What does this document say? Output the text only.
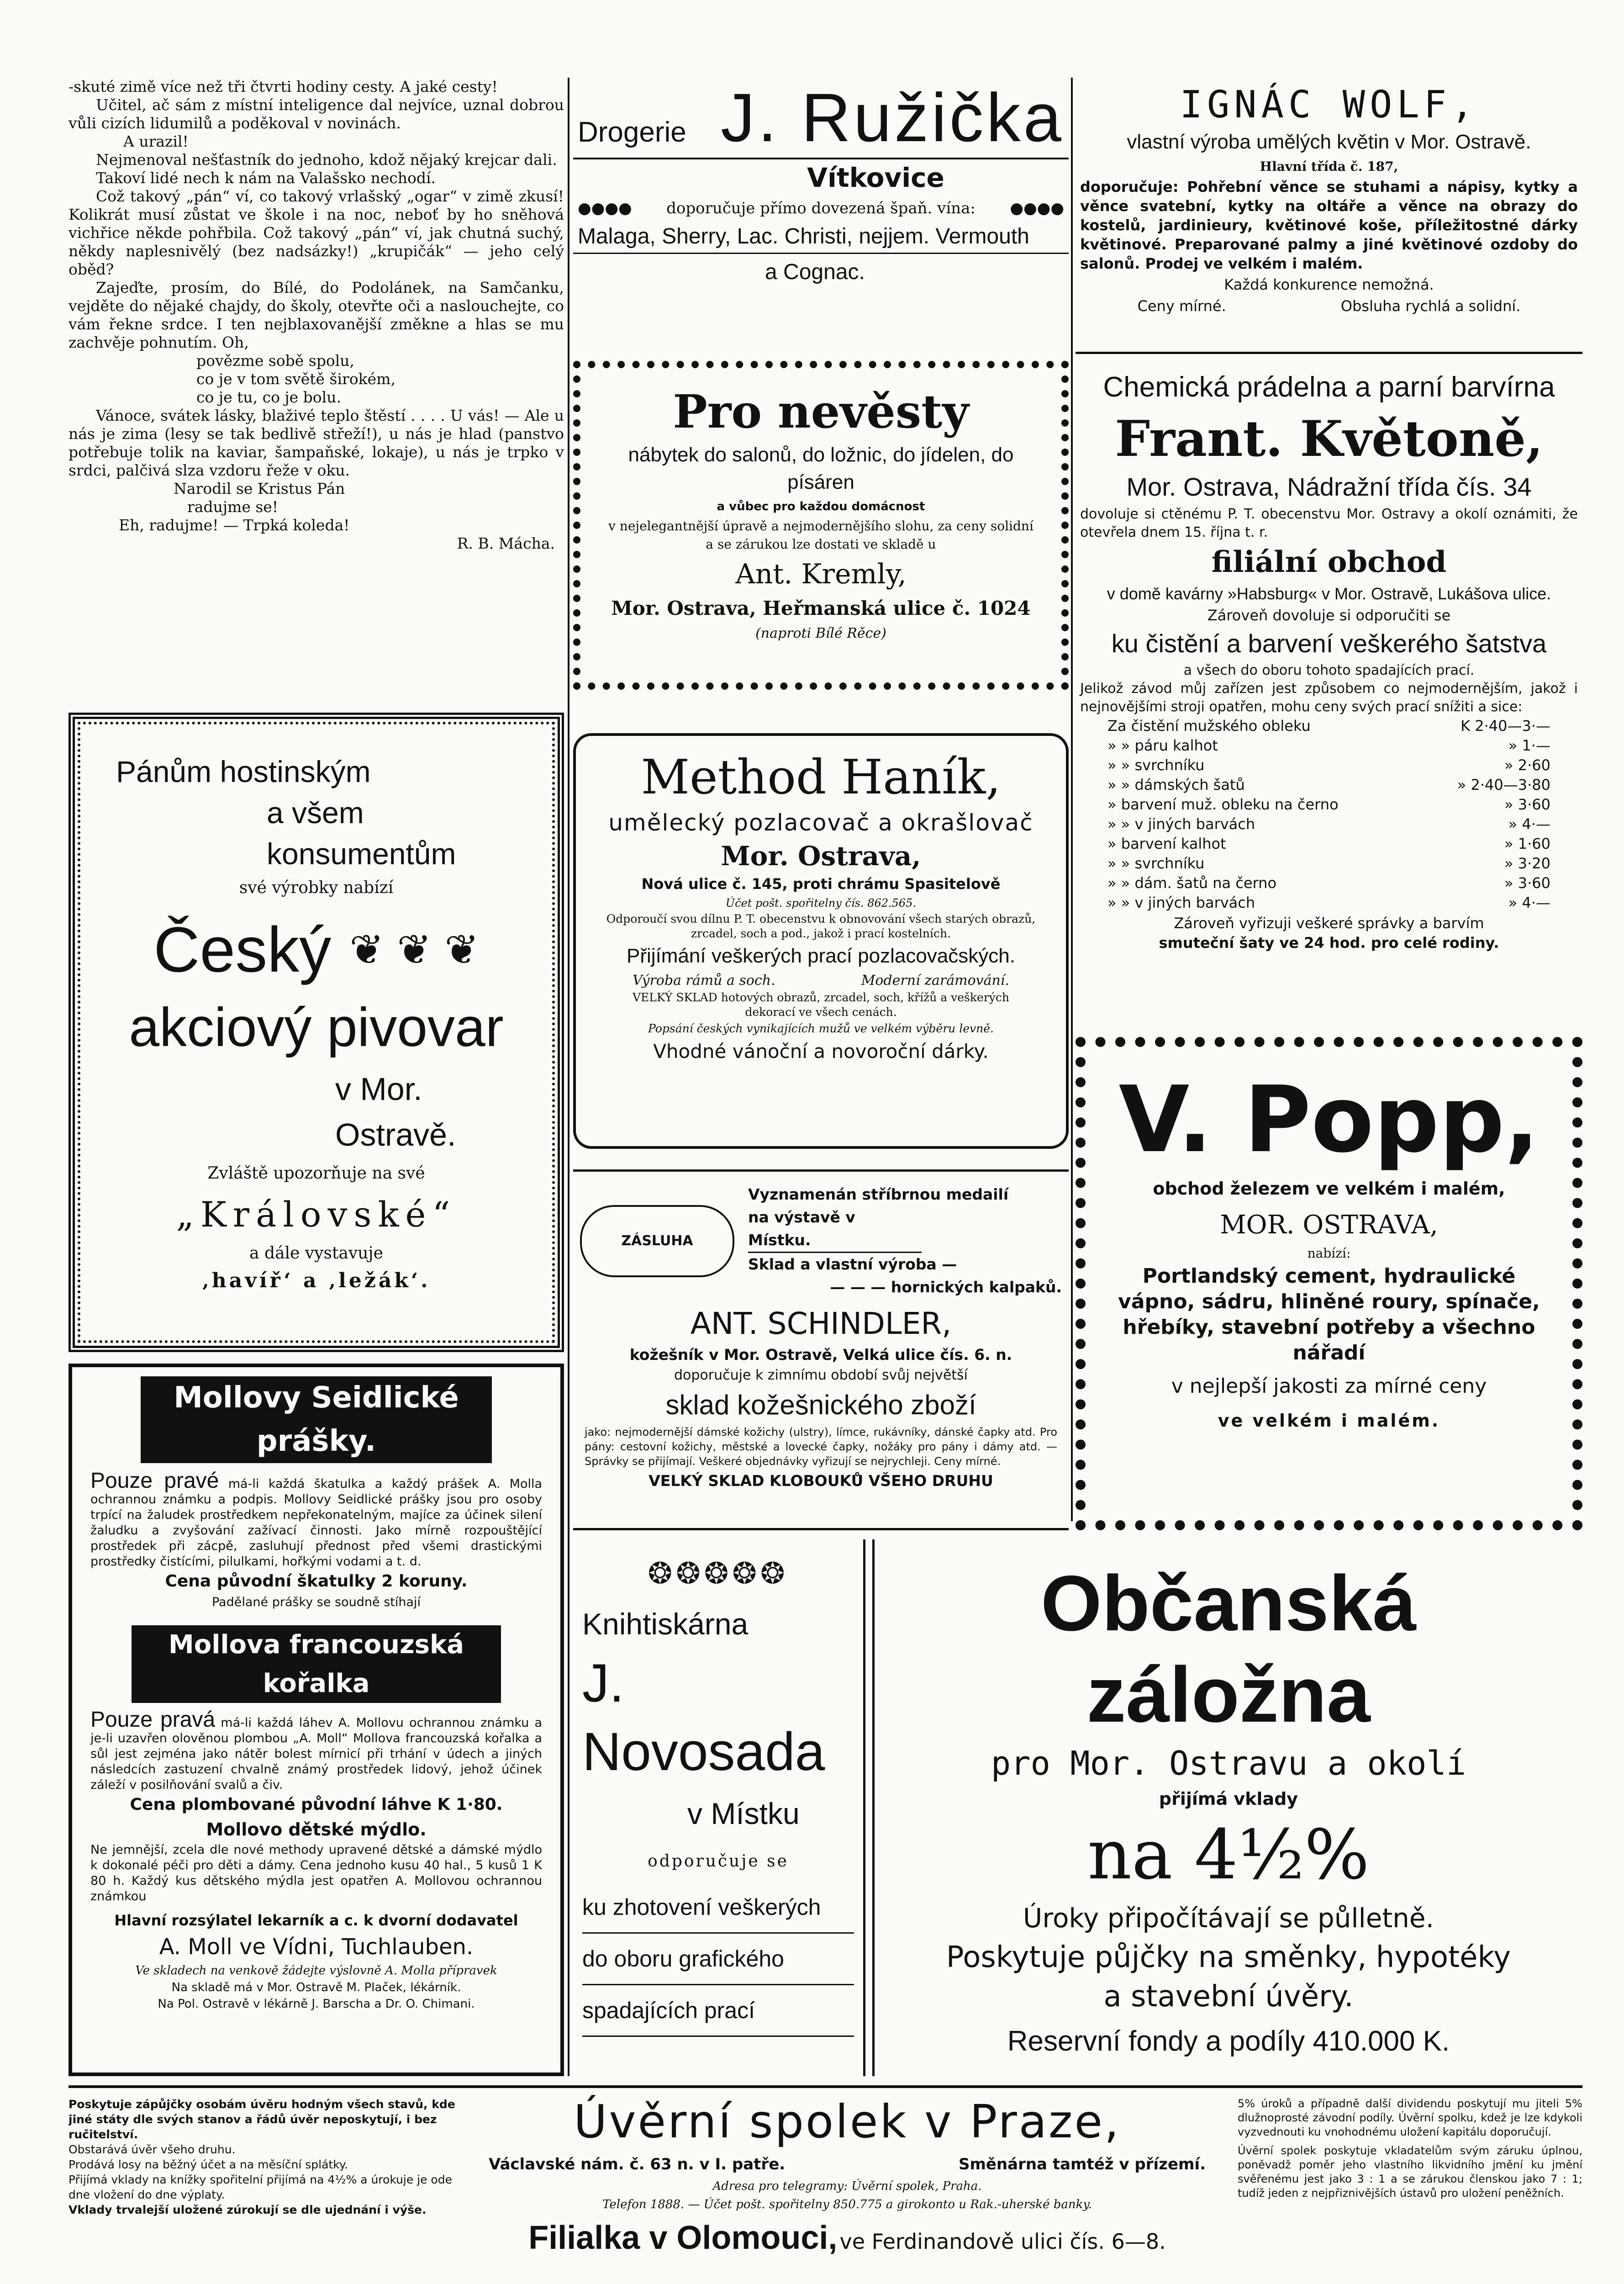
-skuté zimě více než tři čtvrti hodiny cesty. A jaké cesty!

Učitel, ač sám z místní inteligence dal nejvíce, uznal dobrou vůli cizích lidumilů a poděkoval v novinách.

A urazil!

Nejmenoval nešťastník do jednoho, kdož nějaký krejcar dali.

Takoví lidé nech k nám na Valašsko nechodí.

Což takový „pán“ ví, co takový vrlašský „ogar“ v zimě zkusí! Kolikrát musí zůstat ve škole i na noc, neboť by ho sněhová vichřice někde pohřbila. Což takový „pán“ ví, jak chutná suchý, někdy naplesnivělý (bez nadsázky!) „krupičák“ — jeho celý oběd?

Zajeďte, prosím, do Bílé, do Podolánek, na Samčanku, vejděte do nějaké chajdy, do školy, otevřte oči a naslouchejte, co vám řekne srdce. I ten nejblaxovanější změkne a hlas se mu zachvěje pohnutím. Oh,

povězme sobě spolu,

co je v tom světě širokém,

co je tu, co je bolu.

Vánoce, svátek lásky, blaživé teplo štěstí . . . . U vás! — Ale u nás je zima (lesy se tak bedlivě střeží!), u nás je hlad (panstvo potřebuje tolik na kaviar, šampaňské, lokaje), u nás je trpko v srdci, palčivá slza vzdoru řeže v oku.

Narodil se Kristus Pán

radujme se!

Eh, radujme! — Trpká koleda!

R. B. Mácha.

Pánům hostinským
a všem konsumentům
své výrobky nabízí
Český ❦ ❦ ❦
akciový pivovar
v Mor. Ostravě.
Zvláště upozorňuje na své
„Královské“
a dále vystavuje
‚havíř‘ a ‚ležák‘.
Mollovy Seidlické prášky.
Pouze pravé má-li každá škatulka a každý prášek A. Molla ochrannou známku a podpis. Mollovy Seidlické prášky jsou pro osoby trpící na žaludek prostředkem nepřekonatelným, majíce za účinek silení žaludku a zvyšování zažívací činnosti. Jako mírně rozpouštějící prostředek při zácpě, zasluhují přednost před všemi drastickými prostředky čistícími, pilulkami, hořkými vodami a t. d.
Cena původní škatulky 2 koruny.
Padělané prášky se soudně stíhají
Mollova francouzská kořalka
Pouze pravá má-li každá láhev A. Mollovu ochrannou známku a je-li uzavřen olověnou plombou „A. Moll“ Mollova francouzská kořalka a sůl jest zejména jako nátěr bolest mírnicí při trhání v údech a jiných následcích zastuzení chvalně známý prostředek lidový, jehož účinek záleží v posilňování svalů a čiv.
Cena plombované původní láhve K 1·80.
Mollovo dětské mýdlo.
Ne jemnější, zcela dle nové methody upravené dětské a dámské mýdlo k dokonalé péči pro děti a dámy. Cena jednoho kusu 40 hal., 5 kusů 1 K 80 h. Každý kus dětského mýdla jest opatřen A. Mollovou ochrannou známkou
Hlavní rozsýlatel lekarník a c. k dvorní dodavatel
A. Moll ve Vídni, Tuchlauben.
Ve skladech na venkově žádejte výslovně A. Molla přípravek
Na skladě má v Mor. Ostravě M. Plaček, lékárník.
Na Pol. Ostravě v lékárně J. Barscha a Dr. O. Chimani.
Drogerie J. Ružička
Vítkovice
●●●● doporučuje přímo dovezená špaň. vína: ●●●●
Malaga, Sherry, Lac. Christi, nejjem. Vermouth
a Cognac.
Pro nevěsty
nábytek do salonů, do ložnic, do jídelen, do písáren
a vůbec pro každou domácnost
v nejelegantnější úpravě a nejmodernějšího slohu, za ceny solidní a se zárukou lze dostati ve skladě u
Ant. Kremly,
Mor. Ostrava, Heřmanská ulice č. 1024
(naproti Bílé Rěce)
Method Haník,
umělecký pozlacovač a okrašlovač
Mor. Ostrava,
Nová ulice č. 145, proti chrámu Spasitelově
Účet pošt. spořitelny čís. 862.565.
Odporoučí svou dílnu P. T. obecenstvu k obnovování všech starých obrazů, zrcadel, soch a pod., jakož i prací kostelních.
Přijímání veškerých prací pozlacovačských.
Výroba rámů a soch.	Moderní zarámování.
VELKÝ SKLAD hotových obrazů, zrcadel, soch, křížů a veškerých dekorací ve všech cenách.
Popsání českých vynikajících mužů ve velkém výběru levně.
Vhodné vánoční a novoroční dárky.
ZÁSLUHA
Vyznamenán stříbrnou medailí
na výstavě v Místku.
Sklad a vlastní výroba —
— — — hornických kalpaků.
ANT. SCHINDLER,
kožešník v Mor. Ostravě, Velká ulice čís. 6. n.
doporučuje k zimnímu období svůj největší
sklad kožešnického zboží
jako: nejmodernější dámské kožichy (ulstry), límce, rukávníky, dánské čapky atd. Pro pány: cestovní kožichy, městské a lovecké čapky, nožáky pro pány i dámy atd. — Správky se přijímají. Veškeré objednávky vyřizují se nejrychleji. Ceny mírné.
VELKÝ SKLAD KLOBOUKŮ VŠEHO DRUHU
❂❂❂❂❂
Knihtiskárna
J. Novosada
v Místku
odporučuje se
ku zhotovení veškerých
do oboru grafického
spadajících prací
IGNÁC WOLF,
vlastní výroba umělých květin v Mor. Ostravě.
Hlavní třída č. 187,
doporučuje: Pohřební věnce se stuhami a nápisy, kytky a věnce svatební, kytky na oltáře a věnce na obrazy do kostelů, jardinieury, květinové koše, příležitostné dárky květinové. Preparované palmy a jiné květinové ozdoby do salonů. Prodej ve velkém i malém.
Každá konkurence nemožná.
Ceny mírné.	Obsluha rychlá a solidní.
Chemická prádelna a parní barvírna
Frant. Květoně,
Mor. Ostrava, Nádražní třída čís. 34
dovoluje si ctěnému P. T. obecenstvu Mor. Ostravy a okolí oznámiti, že otevřela dnem 15. října t. r.
filiální obchod
v domě kavárny »Habsburg« v Mor. Ostravě, Lukášova ulice.
Zároveň dovoluje si odporučiti se
ku čistění a barvení veškerého šatstva
a všech do oboru tohoto spadajících prací.
Jelikož závod můj zařízen jest způsobem co nejmodernějším, jakož i nejnovějšími stroji opatřen, mohu ceny svých prací snížiti a sice:
Za čistění mužského obleku	K 2·40—3·—
» » páru kalhot	» 1·—
» » svrchníku	» 2·60
» » dámských šatů	» 2·40—3·80
» barvení muž. obleku na černo	» 3·60
» » v jiných barvách	» 4·—
» barvení kalhot	» 1·60
» » svrchníku	» 3·20
» » dám. šatů na černo	» 3·60
» » v jiných barvách	» 4·—
Zároveň vyřizuji veškeré správky a barvím
smuteční šaty ve 24 hod. pro celé rodiny.
V. Popp,
obchod železem ve velkém i malém,
MOR. OSTRAVA,
nabízí:
Portlandský cement, hydraulické vápno, sádru, hliněné roury, spínače, hřebíky, stavební potřeby a všechno nářadí
v nejlepší jakosti za mírné ceny
ve velkém i malém.
Občanská záložna
pro Mor. Ostravu a okolí
přijímá vklady
na 4½%
Úroky připočítávají se půlletně.
Poskytuje půjčky na směnky, hypotéky
a stavební úvěry.
Reservní fondy a podíly 410.000 K.
Poskytuje zápůjčky osobám úvěru hodným všech stavů, kde jiné státy dle svých stanov a řádů úvěr neposkytují, i bez ručitelství.
Obstarává úvěr všeho druhu.
Prodává losy na běžný účet a na měsíční splátky.
Přijímá vklady na knížky spořitelní přijímá na 4½% a úrokuje je ode dne vložení do dne výplaty.
Vklady trvalejší uložené zúrokují se dle ujednání i výše.
Úvěrní spolek v Praze,
Václavské nám. č. 63 n. v I. patře.	Směnárna tamtéž v přízemí.
Adresa pro telegramy: Úvěrní spolek, Praha.
Telefon 1888. — Účet pošt. spořitelny 850.775 a girokonto u Rak.-uherské banky.
Filialka v Olomouci, ve Ferdinandově ulici čís. 6—8.
5% úroků a případně další dividendu poskytují mu jiteli 5% dlužnoprosté závodní podíly. Úvěrní spolku, kdež je lze kdykoli vyzvednouti ku vnohodnému uložení kapitálu doporučují.
Úvěrní spolek poskytuje vkladatelům svým záruku úplnou, poněvadž poměr jeho vlastního likvidního jmění ku jmění svěřenému jest jako 3 : 1 a se zárukou členskou jako 7 : 1; tudíž jeden z nejpřiznivějších ústavů pro uložení peněžních.
